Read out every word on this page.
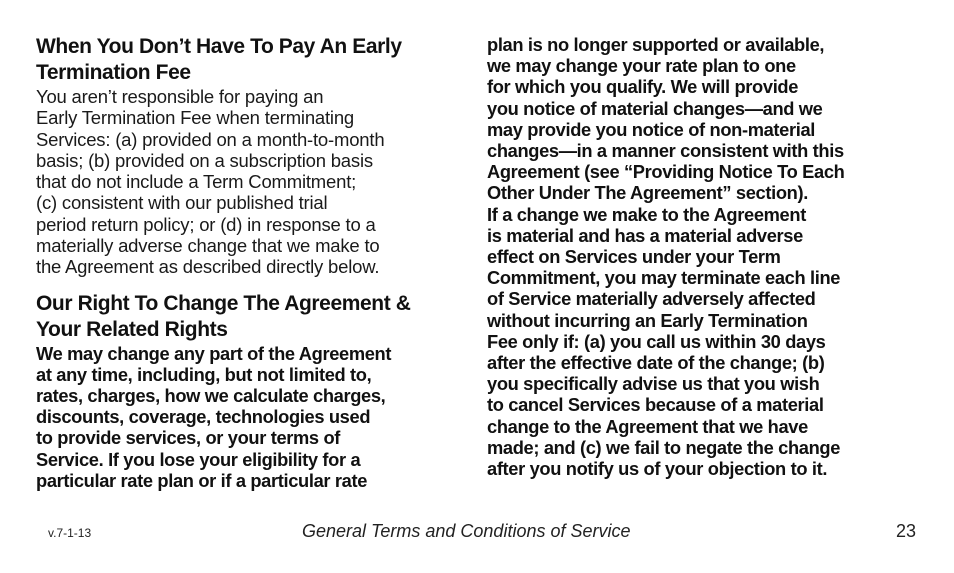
When You Don’t Have To Pay An Early
Termination Fee

You aren’t responsible for paying an
Early Termination Fee when terminating
Services: (a) provided on a month-to-month
basis; (b) provided on a subscription basis
that do not include a Term Commitment;
(c) consistent with our published trial
period return policy; or (d) in response to a
materially adverse change that we make to
the Agreement as described directly below.

Our Right To Change The Agreement &
Your Related Rights

We may change any part of the Agreement
at any time, including, but not limited to,
rates, charges, how we calculate charges,
discounts, coverage, technologies used
to provide services, or your terms of
Service. If you lose your eligibility for a
particular rate plan or if a particular rate

plan is no longer supported or available,
we may change your rate plan to one
for which you qualify. We will provide
you notice of material changes—and we
may provide you notice of non-material
changes—in a manner consistent with this
Agreement (see “Providing Notice To Each
Other Under The Agreement” section).

If a change we make to the Agreement
is material and has a material adverse
effect on Services under your Term
Commitment, you may terminate each line
of Service materially adversely affected
without incurring an Early Termination
Fee only if: (a) you call us within 30 days
after the effective date of the change; (b)
you specifically advise us that you wish
to cancel Services because of a material
change to the Agreement that we have
made; and (c) we fail to negate the change
after you notify us of your objection to it.

v.7-1-13	General Terms and Conditions of Service	23
